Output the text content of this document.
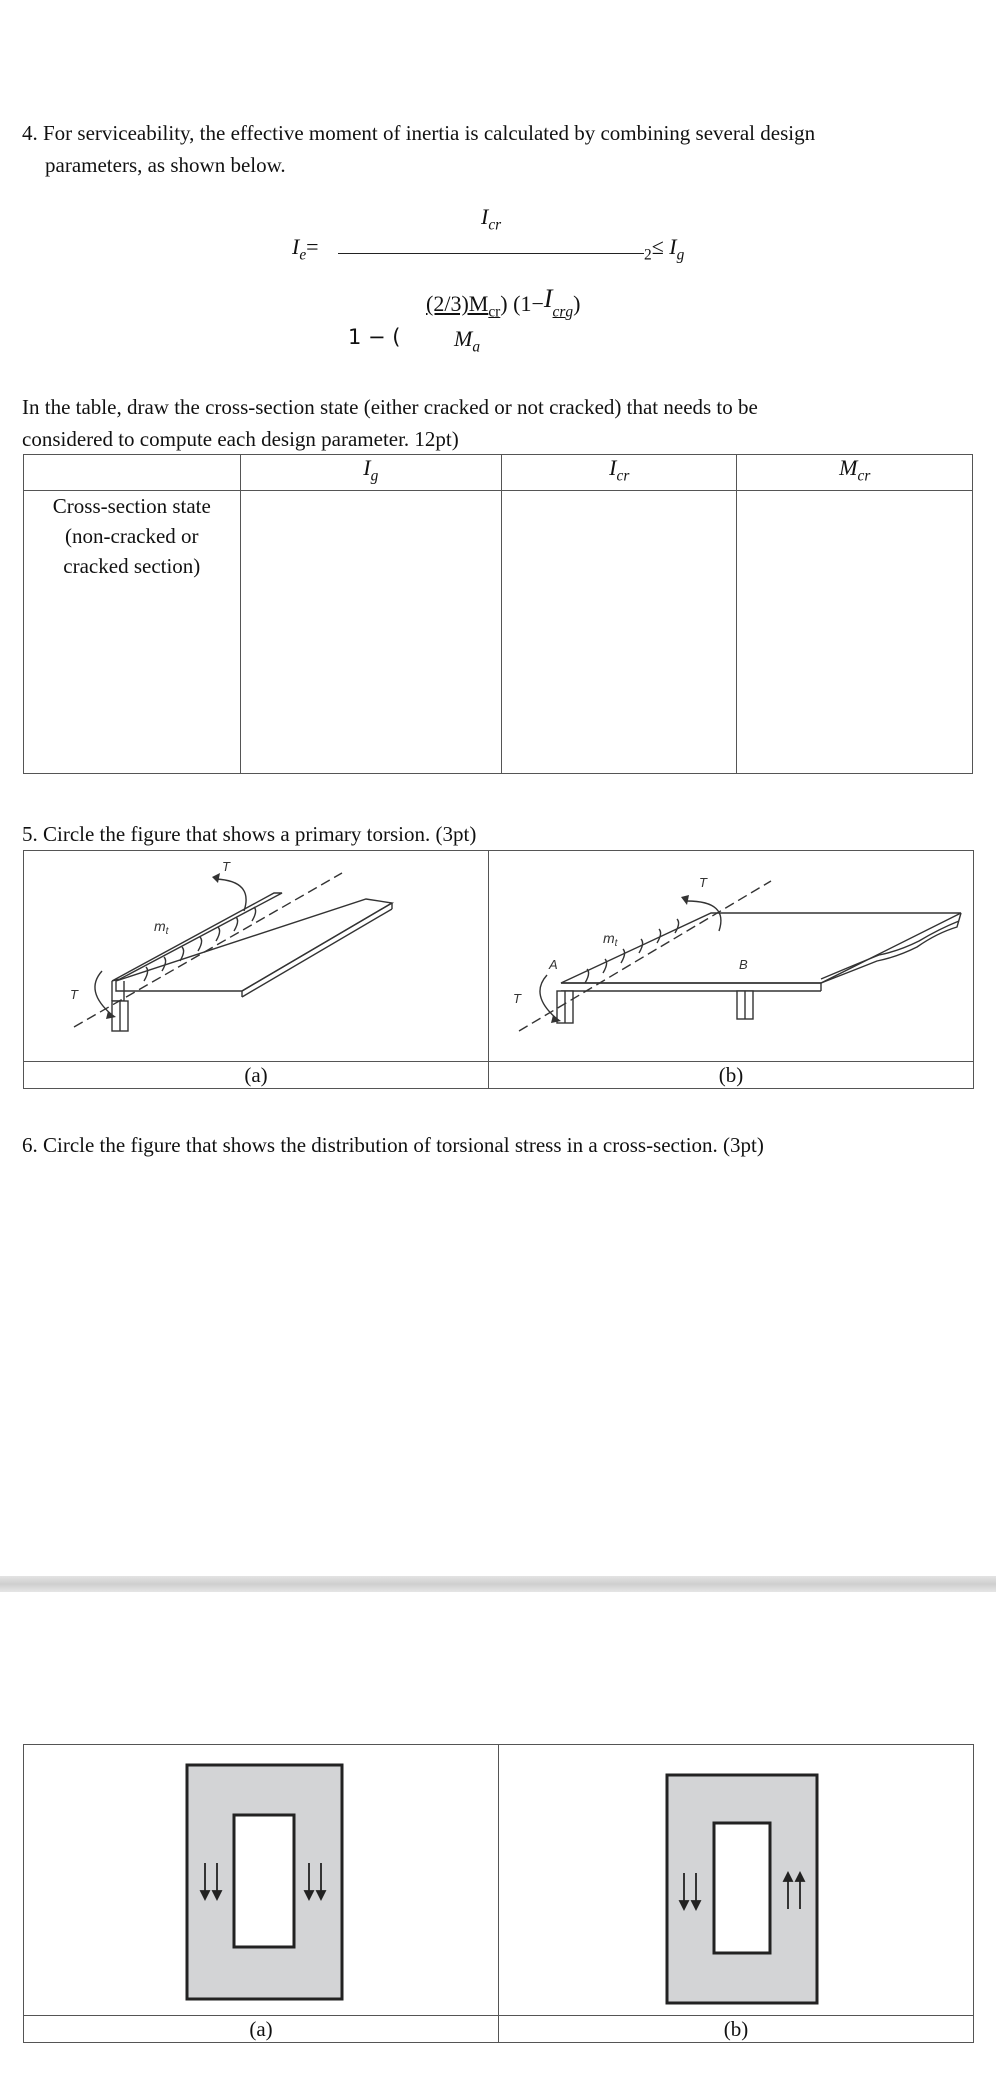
4. For serviceability, the effective moment of inertia is calculated by combining several design
parameters, as shown below.
$I_{cr}$
$I_e=$	$_2\le I_g$
$(2/3)M_{cr}$) $(1-I_{crg})$
1 − ( $M_a$
In the table, draw the cross-section state (either cracked or not cracked) that needs to be
considered to compute each design parameter. 12pt)
	$I_g$	$I_{cr}$	$M_{cr}$

Cross-section state
(non-cracked or
cracked section)			

5. Circle the figure that shows a primary torsion. (3pt)
T
$m_t$
T	T
$m_t$
A B
T

(a)	(b)
6. Circle the figure that shows the distribution of torsional stress in a cross-section. (3pt)

(a)	(b)
